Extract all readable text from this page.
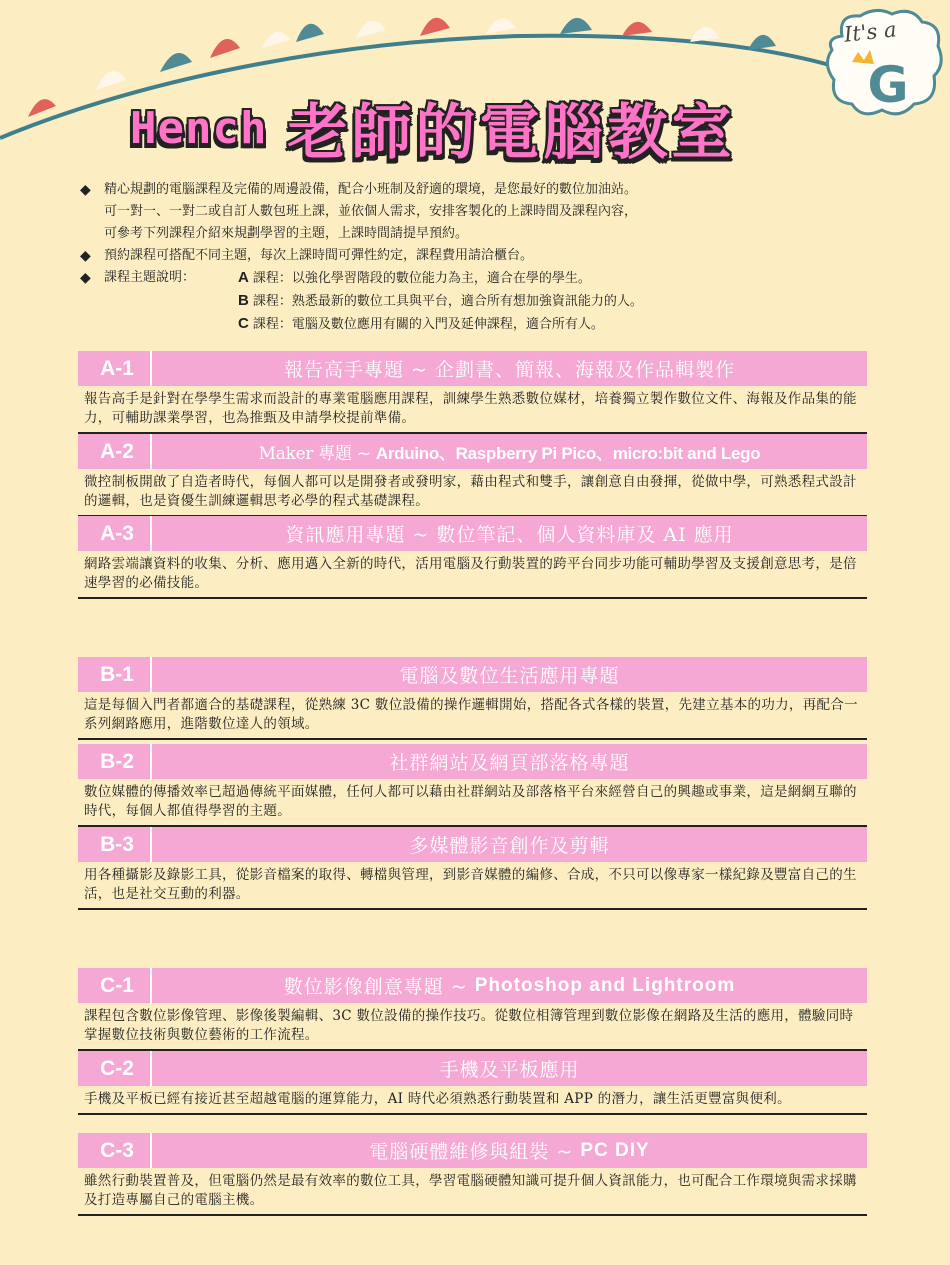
G
It's a
Hench 老師的電腦教室
◆ 精心規劃的電腦課程及完備的周邊設備，配合小班制及舒適的環境，是您最好的數位加油站。
可一對一、一對二或自訂人數包班上課，並依個人需求，安排客製化的上課時間及課程內容，
可參考下列課程介紹來規劃學習的主題，上課時間請提早預約。
◆ 預約課程可搭配不同主題，每次上課時間可彈性約定，課程費用請洽櫃台。
◆ 課程主題說明：	A 課程：以強化學習階段的數位能力為主，適合在學的學生。
B 課程：熟悉最新的數位工具與平台，適合所有想加強資訊能力的人。
C 課程：電腦及數位應用有關的入門及延伸課程，適合所有人。
A-1	報告高手專題 ~ 企劃書、簡報、海報及作品輯製作
報告高手是針對在學學生需求而設計的專業電腦應用課程，訓練學生熟悉數位媒材，培養獨立製作數位文件、海報及作品集的能力，可輔助課業學習，也為推甄及申請學校提前準備。
A-2	Maker 專題 ~
Arduino、Raspberry Pi Pico、micro:bit and Lego
微控制板開啟了自造者時代，每個人都可以是開發者或發明家，藉由程式和雙手，讓創意自由發揮，從做中學，可熟悉程式設計的邏輯，也是資優生訓練邏輯思考必學的程式基礎課程。
A-3	資訊應用專題 ~ 數位筆記、個人資料庫及 AI 應用
網路雲端讓資料的收集、分析、應用邁入全新的時代，活用電腦及行動裝置的跨平台同步功能可輔助學習及支援創意思考，是倍速學習的必備技能。
B-1	電腦及數位生活應用專題
這是每個入門者都適合的基礎課程，從熟練 3C 數位設備的操作邏輯開始，搭配各式各樣的裝置，先建立基本的功力，再配合一系列網路應用，進階數位達人的領域。
B-2	社群網站及網頁部落格專題
數位媒體的傳播效率已超過傳統平面媒體，任何人都可以藉由社群網站及部落格平台來經營自己的興趣或事業，這是網網互聯的時代，每個人都值得學習的主題。
B-3	多媒體影音創作及剪輯
用各種攝影及錄影工具，從影音檔案的取得、轉檔與管理，到影音媒體的編修、合成，不只可以像專家一樣紀錄及豐富自己的生活，也是社交互動的利器。
C-1	數位影像創意專題 ~
Photoshop and Lightroom
課程包含數位影像管理、影像後製編輯、3C 數位設備的操作技巧。從數位相簿管理到數位影像在網路及生活的應用，體驗同時掌握數位技術與數位藝術的工作流程。
C-2	手機及平板應用
手機及平板已經有接近甚至超越電腦的運算能力，AI 時代必須熟悉行動裝置和 APP 的潛力，讓生活更豐富與便利。
C-3	電腦硬體維修與組裝 ~
PC DIY
雖然行動裝置普及，但電腦仍然是最有效率的數位工具，學習電腦硬體知識可提升個人資訊能力，也可配合工作環境與需求採購及打造專屬自己的電腦主機。
